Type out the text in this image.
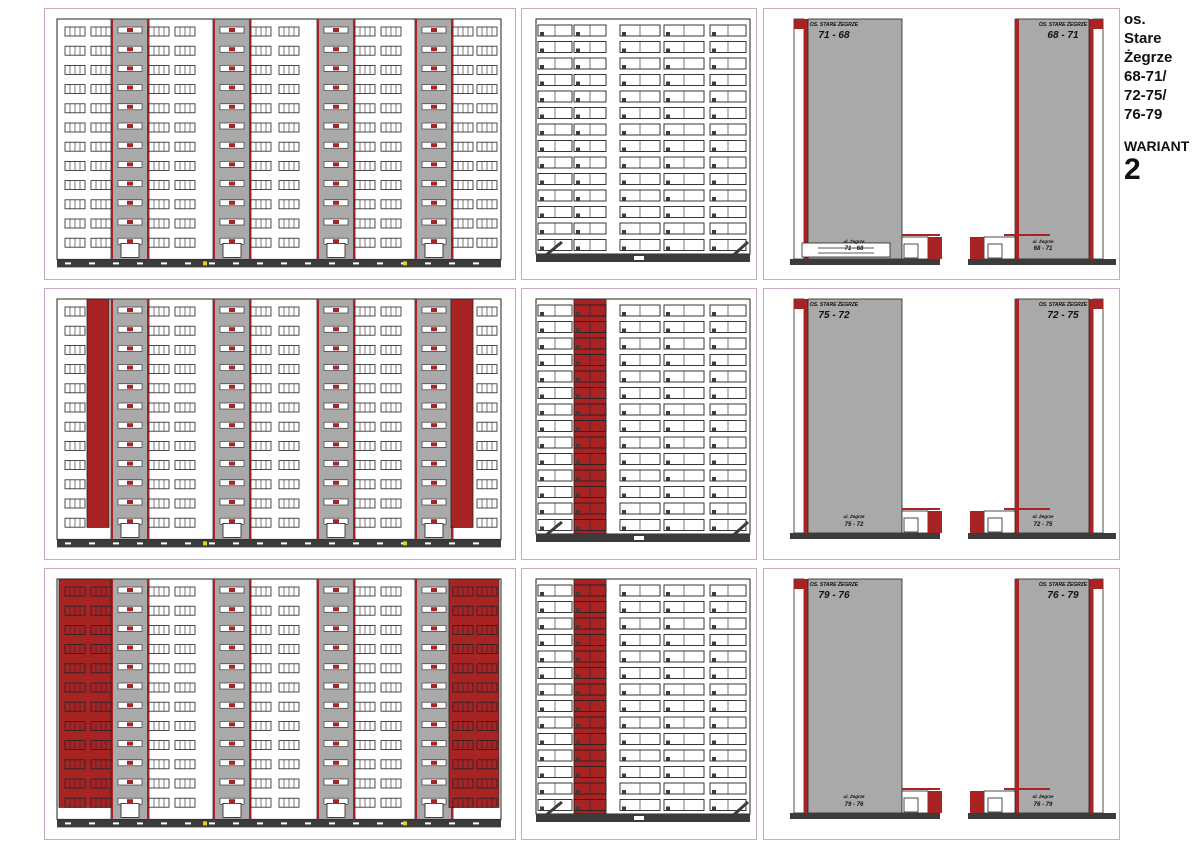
os.
Stare
Żegrze
68-71/
72-75/
76-79
WARIANT
2
OS. STARE ŻEGRZE
71 - 68
ul. Żegrze
71 - 68
OS. STARE ŻEGRZE
68 - 71
ul. Żegrze
68 - 71
OS. STARE ŻEGRZE
75 - 72
ul. Żegrze
75 - 72
OS. STARE ŻEGRZE
72 - 75
ul. Żegrze
72 - 75
OS. STARE ŻEGRZE
79 - 76
ul. Żegrze
79 - 76
OS. STARE ŻEGRZE
76 - 79
ul. Żegrze
76 - 79
